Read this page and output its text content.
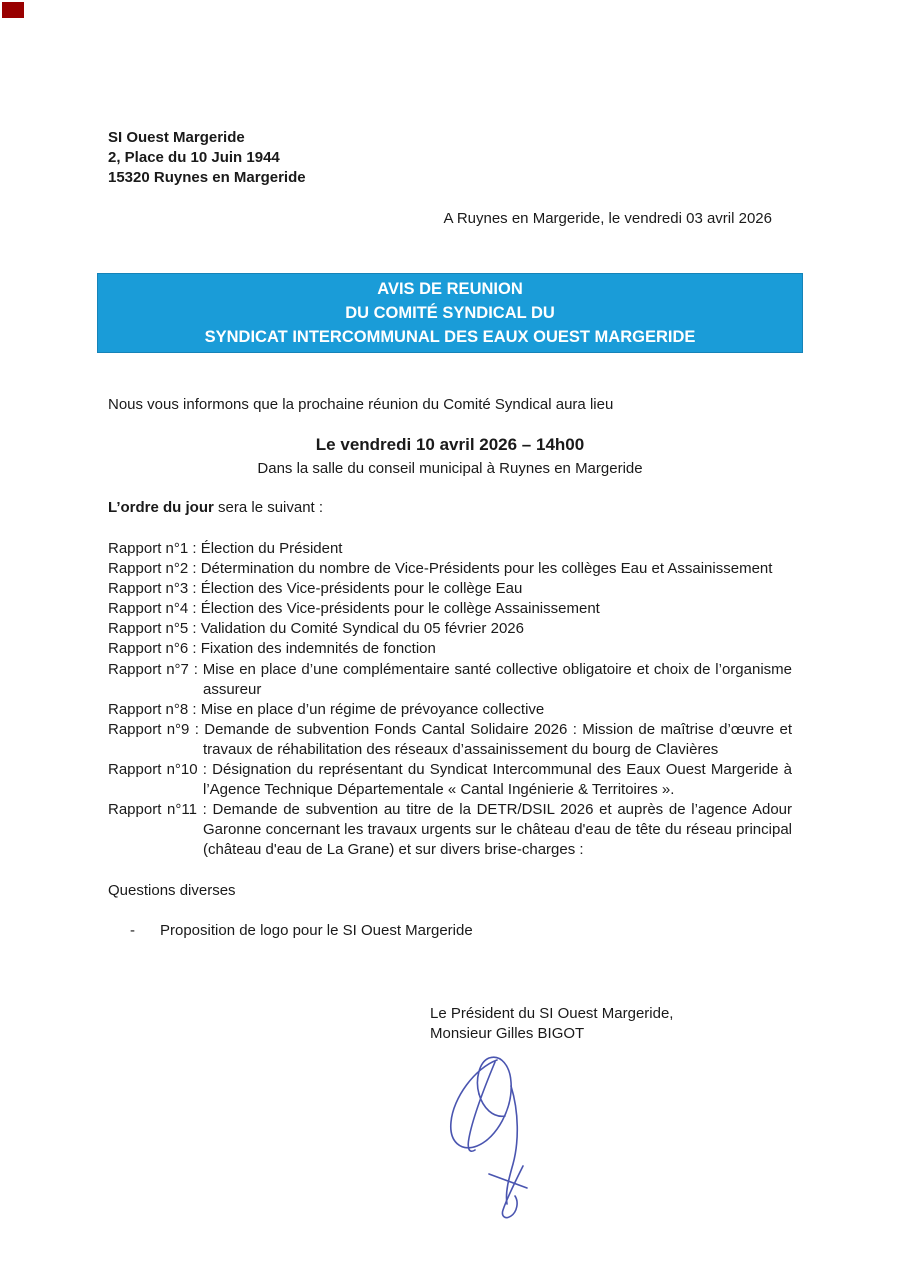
SI Ouest Margeride
2, Place du 10 Juin 1944
15320 Ruynes en Margeride
A Ruynes en Margeride, le vendredi 03 avril 2026
AVIS DE REUNION
DU COMITÉ SYNDICAL DU
SYNDICAT INTERCOMMUNAL DES EAUX OUEST MARGERIDE
Nous vous informons que la prochaine réunion du Comité Syndical aura lieu
Le vendredi 10 avril 2026 – 14h00
Dans la salle du conseil municipal à Ruynes en Margeride
L’ordre du jour sera le suivant :
Rapport n°1 : Élection du Président
Rapport n°2 : Détermination du nombre de Vice-Présidents pour les collèges Eau et Assainissement
Rapport n°3 : Élection des Vice-présidents pour le collège Eau
Rapport n°4 : Élection des Vice-présidents pour le collège Assainissement
Rapport n°5 : Validation du Comité Syndical du 05 février 2026
Rapport n°6 : Fixation des indemnités de fonction
Rapport n°7 : Mise en place d’une complémentaire santé collective obligatoire et choix de l’organisme assureur
Rapport n°8 : Mise en place d’un régime de prévoyance collective
Rapport n°9 : Demande de subvention Fonds Cantal Solidaire 2026 : Mission de maîtrise d’œuvre et travaux de réhabilitation des réseaux d’assainissement du bourg de Clavières
Rapport n°10 : Désignation du représentant du Syndicat Intercommunal des Eaux Ouest Margeride à l’Agence Technique Départementale « Cantal Ingénierie & Territoires ».
Rapport n°11 : Demande de subvention au titre de la DETR/DSIL 2026 et auprès de l’agence Adour Garonne concernant les travaux urgents sur le château d'eau de tête du réseau principal (château d'eau de La Grane) et sur divers brise-charges :
Questions diverses
-	Proposition de logo pour le SI Ouest Margeride
Le Président du SI Ouest Margeride,
Monsieur Gilles BIGOT
